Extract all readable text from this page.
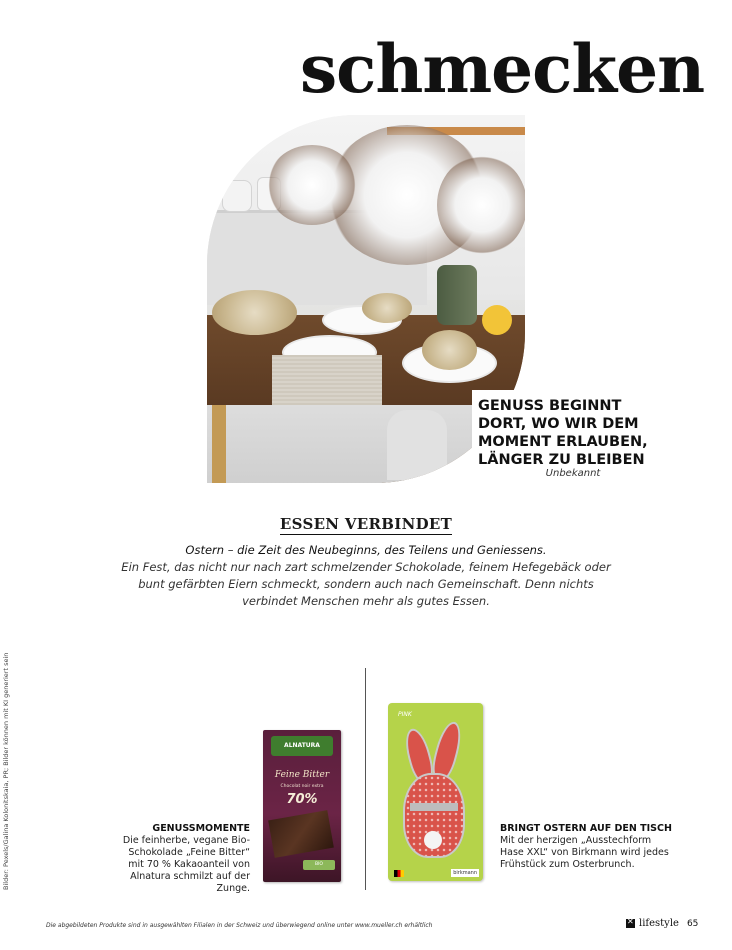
schmecken
GENUSS BEGINNT DORT, WO WIR DEM MOMENT ERLAUBEN, LÄNGER ZU BLEIBEN
Unbekannt
ESSEN VERBINDET
Ostern – die Zeit des Neubeginns, des Teilens und Geniessens.
Ein Fest, das nicht nur nach zart schmelzender Schokolade, feinem Hefegebäck oder bunt gefärbten Eiern schmeckt, sondern auch nach Gemeinschaft. Denn nichts verbindet Menschen mehr als gutes Essen.
Bilder: Pexels/Galina Kolonitskaia, PR; Bilder können mit KI generiert sein	ALNATURA
Feine Bitter
Chocolat noir extra
70%
BIO
PINK
birkmann
GENUSSMOMENTE
Die feinherbe, vegane Bio-Schokolade „Feine Bitter“ mit 70 % Kakaoanteil von Alnatura schmilzt auf der Zunge.
BRINGT OSTERN AUF DEN TISCH
Mit der herzigen „Ausstechform Hase XXL“ von Birkmann wird jedes Frühstück zum Osterbrunch.
Die abgebildeten Produkte sind in ausgewählten Filialen in der Schweiz und überwiegend online unter www.mueller.ch erhältlich
✕	lifestyle 65
